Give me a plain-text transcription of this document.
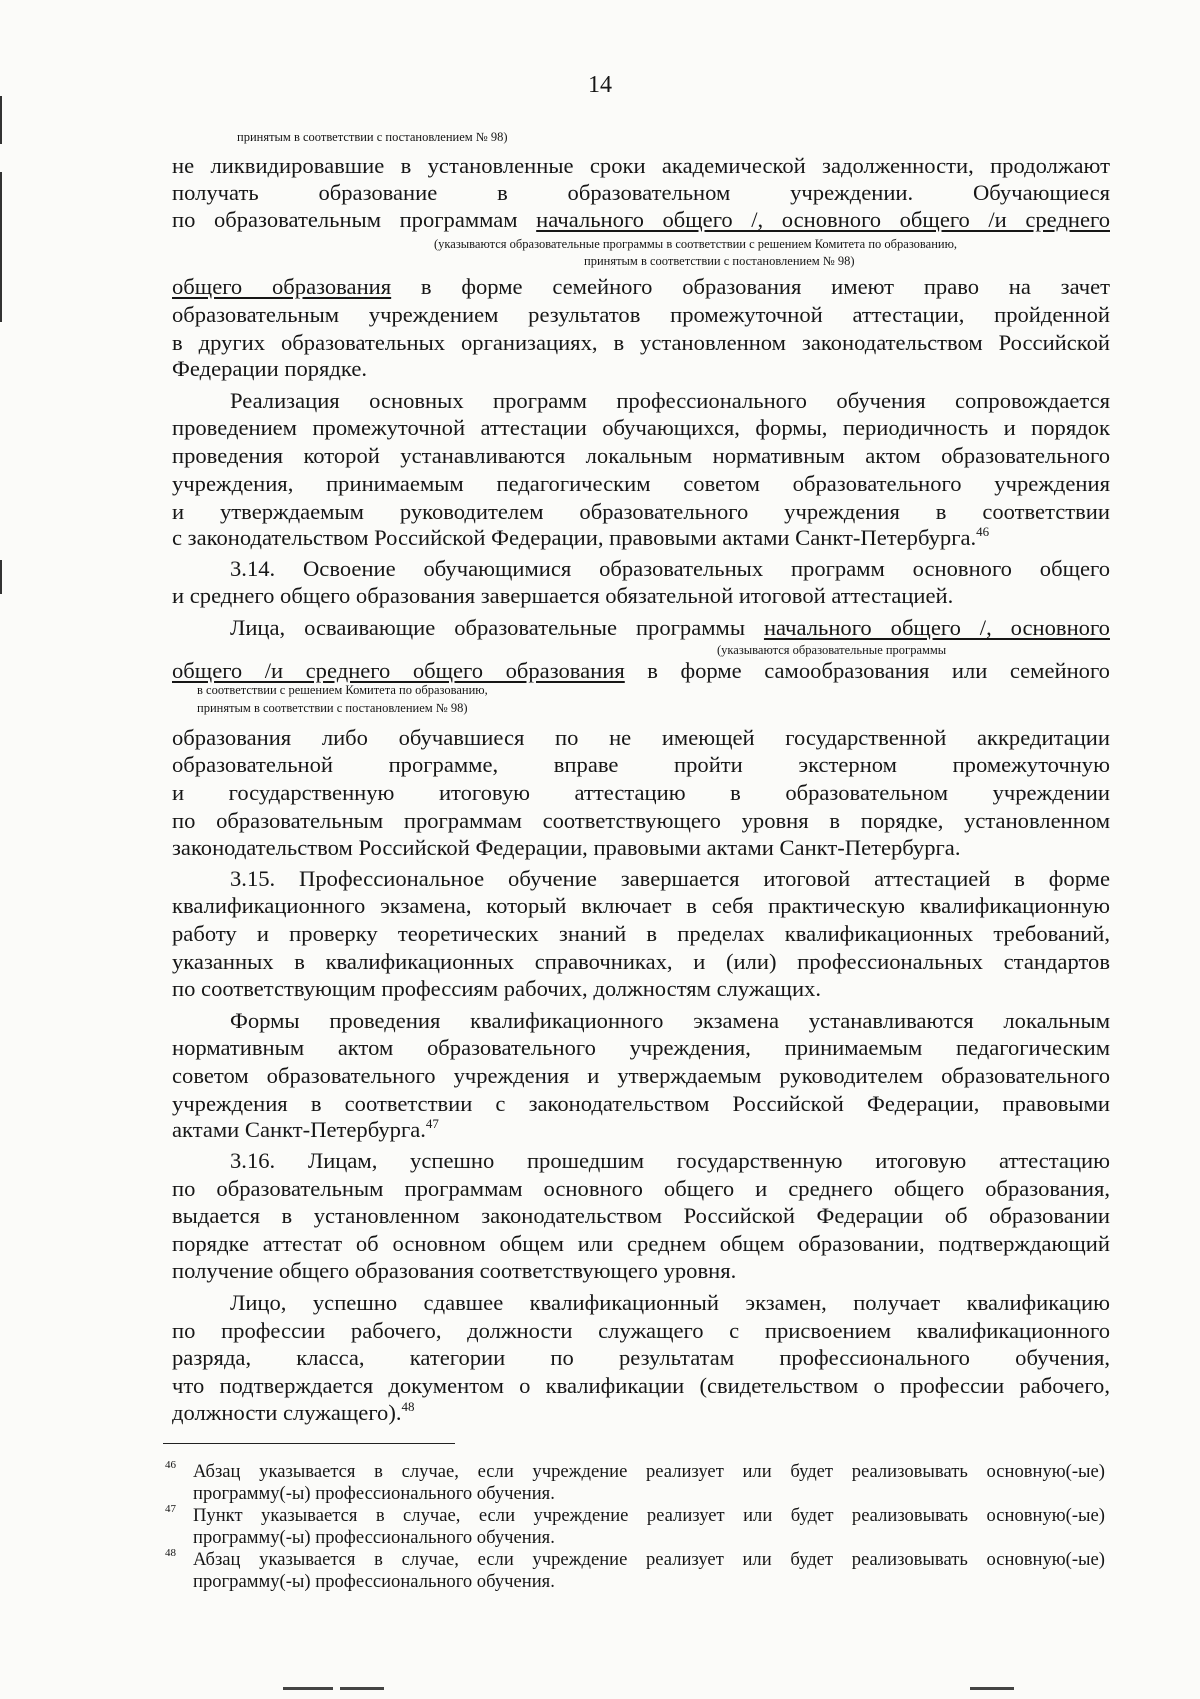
14
принятым в соответствии с постановлением № 98)
(указываются образовательные программы в соответствии с решением Комитета по образованию,
принятым в соответствии с постановлением № 98)
(указываются образовательные программы
в соответствии с решением Комитета по образованию,
принятым в соответствии с постановлением № 98)
не ликвидировавшие в установленные сроки академической задолженности, продолжают
получать образование в образовательном учреждении. Обучающиеся
по образовательным программам начального общего /, основного общего /и среднего
общего образования в форме семейного образования имеют право на зачет
образовательным учреждением результатов промежуточной аттестации, пройденной
в других образовательных организациях, в установленном законодательством Российской
Федерации порядке.
Реализация основных программ профессионального обучения сопровождается
проведением промежуточной аттестации обучающихся, формы, периодичность и порядок
проведения которой устанавливаются локальным нормативным актом образовательного
учреждения, принимаемым педагогическим советом образовательного учреждения
и утверждаемым руководителем образовательного учреждения в соответствии
с законодательством Российской Федерации, правовыми актами Санкт-Петербурга.$^{46}$
3.14. Освоение обучающимися образовательных программ основного общего
и среднего общего образования завершается обязательной итоговой аттестацией.
Лица, осваивающие образовательные программы начального общего /, основного
общего /и среднего общего образования в форме самообразования или семейного
образования либо обучавшиеся по не имеющей государственной аккредитации
образовательной программе, вправе пройти экстерном промежуточную
и государственную итоговую аттестацию в образовательном учреждении
по образовательным программам соответствующего уровня в порядке, установленном
законодательством Российской Федерации, правовыми актами Санкт-Петербурга.
3.15. Профессиональное обучение завершается итоговой аттестацией в форме
квалификационного экзамена, который включает в себя практическую квалификационную
работу и проверку теоретических знаний в пределах квалификационных требований,
указанных в квалификационных справочниках, и (или) профессиональных стандартов
по соответствующим профессиям рабочих, должностям служащих.
Формы проведения квалификационного экзамена устанавливаются локальным
нормативным актом образовательного учреждения, принимаемым педагогическим
советом образовательного учреждения и утверждаемым руководителем образовательного
учреждения в соответствии с законодательством Российской Федерации, правовыми
актами Санкт-Петербурга.$^{47}$
3.16. Лицам, успешно прошедшим государственную итоговую аттестацию
по образовательным программам основного общего и среднего общего образования,
выдается в установленном законодательством Российской Федерации об образовании
порядке аттестат об основном общем или среднем общем образовании, подтверждающий
получение общего образования соответствующего уровня.
Лицо, успешно сдавшее квалификационный экзамен, получает квалификацию
по профессии рабочего, должности служащего с присвоением квалификационного
разряда, класса, категории по результатам профессионального обучения,
что подтверждается документом о квалификации (свидетельством о профессии рабочего,
должности служащего).$^{48}$
46 Абзац указывается в случае, если учреждение реализует или будет реализовывать основную(-ые)
программу(-ы) профессионального обучения.
47 Пункт указывается в случае, если учреждение реализует или будет реализовывать основную(-ые)
программу(-ы) профессионального обучения.
48 Абзац указывается в случае, если учреждение реализует или будет реализовывать основную(-ые)
программу(-ы) профессионального обучения.
